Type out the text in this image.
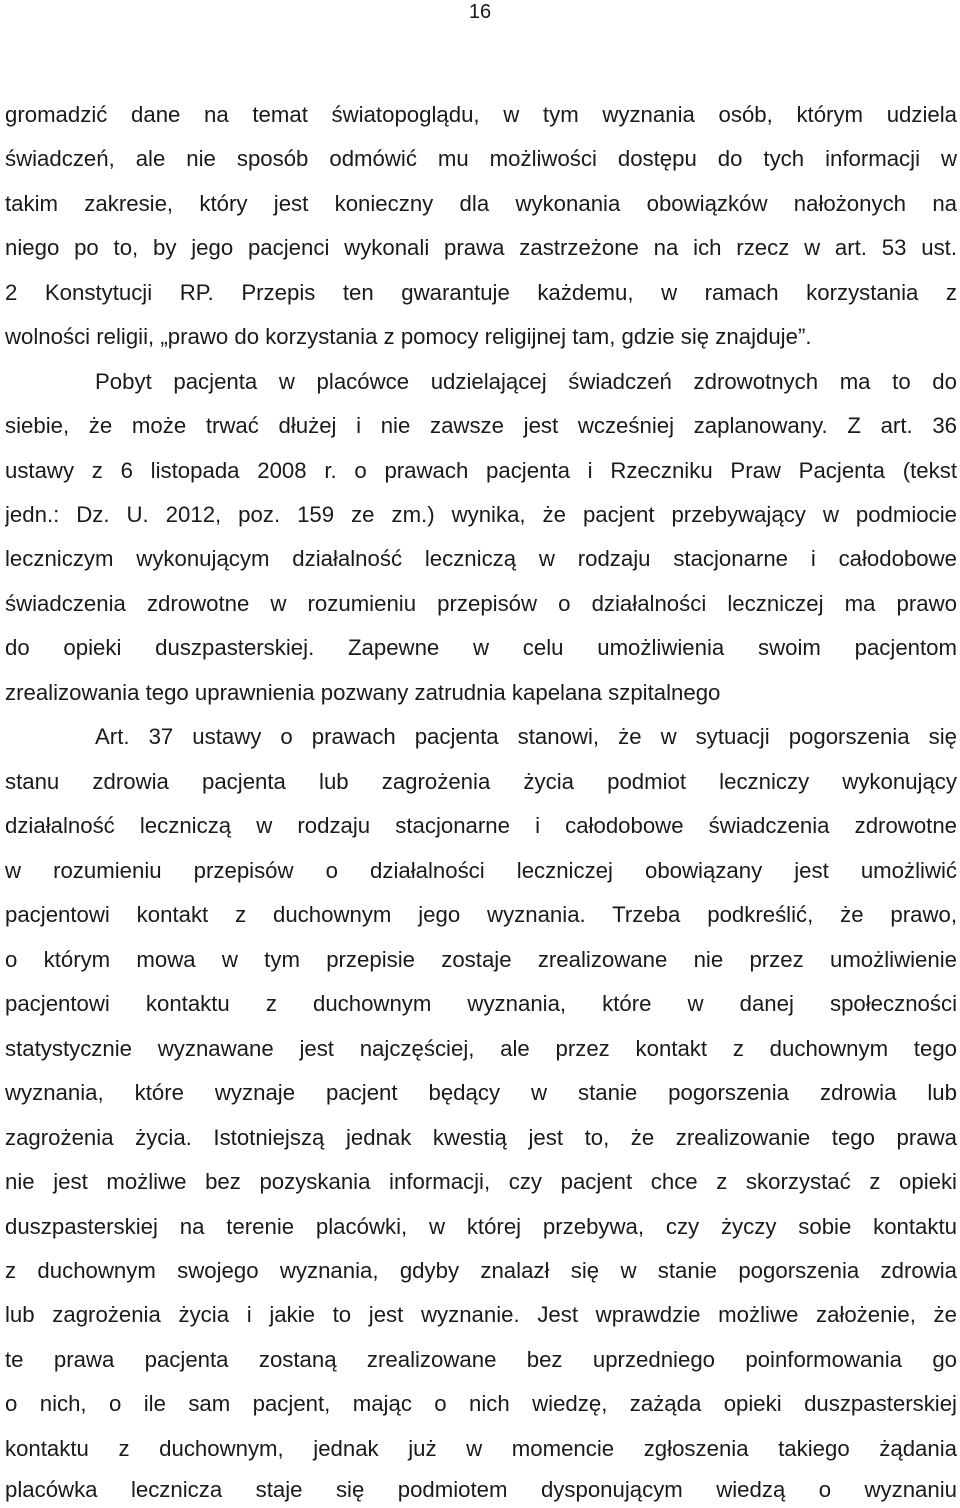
16
gromadzić dane na temat światopoglądu, w tym wyznania osób, którym udziela
świadczeń, ale nie sposób odmówić mu możliwości dostępu do tych informacji w
takim zakresie, który jest konieczny dla wykonania obowiązków nałożonych na
niego po to, by jego pacjenci wykonali prawa zastrzeżone na ich rzecz w art. 53 ust.
2 Konstytucji RP. Przepis ten gwarantuje każdemu, w ramach korzystania z
wolności religii, „prawo do korzystania z pomocy religijnej tam, gdzie się znajduje”.
Pobyt pacjenta w placówce udzielającej świadczeń zdrowotnych ma to do
siebie, że może trwać dłużej i nie zawsze jest wcześniej zaplanowany. Z art. 36
ustawy z 6 listopada 2008 r. o prawach pacjenta i Rzeczniku Praw Pacjenta (tekst
jedn.: Dz. U. 2012, poz. 159 ze zm.) wynika, że pacjent przebywający w podmiocie
leczniczym wykonującym działalność leczniczą w rodzaju stacjonarne i całodobowe
świadczenia zdrowotne w rozumieniu przepisów o działalności leczniczej ma prawo
do opieki duszpasterskiej. Zapewne w celu umożliwienia swoim pacjentom
zrealizowania tego uprawnienia pozwany zatrudnia kapelana szpitalnego
Art. 37 ustawy o prawach pacjenta stanowi, że w sytuacji pogorszenia się
stanu zdrowia pacjenta lub zagrożenia życia podmiot leczniczy wykonujący
działalność leczniczą w rodzaju stacjonarne i całodobowe świadczenia zdrowotne
w rozumieniu przepisów o działalności leczniczej obowiązany jest umożliwić
pacjentowi kontakt z duchownym jego wyznania. Trzeba podkreślić, że prawo,
o którym mowa w tym przepisie zostaje zrealizowane nie przez umożliwienie
pacjentowi kontaktu z duchownym wyznania, które w danej społeczności
statystycznie wyznawane jest najczęściej, ale przez kontakt z duchownym tego
wyznania, które wyznaje pacjent będący w stanie pogorszenia zdrowia lub
zagrożenia życia. Istotniejszą jednak kwestią jest to, że zrealizowanie tego prawa
nie jest możliwe bez pozyskania informacji, czy pacjent chce z skorzystać z opieki
duszpasterskiej na terenie placówki, w której przebywa, czy życzy sobie kontaktu
z duchownym swojego wyznania, gdyby znalazł się w stanie pogorszenia zdrowia
lub zagrożenia życia i jakie to jest wyznanie. Jest wprawdzie możliwe założenie, że
te prawa pacjenta zostaną zrealizowane bez uprzedniego poinformowania go
o nich, o ile sam pacjent, mając o nich wiedzę, zażąda opieki duszpasterskiej
kontaktu z duchownym, jednak już w momencie zgłoszenia takiego żądania
placówka lecznicza staje się podmiotem dysponującym wiedzą o wyznaniu
